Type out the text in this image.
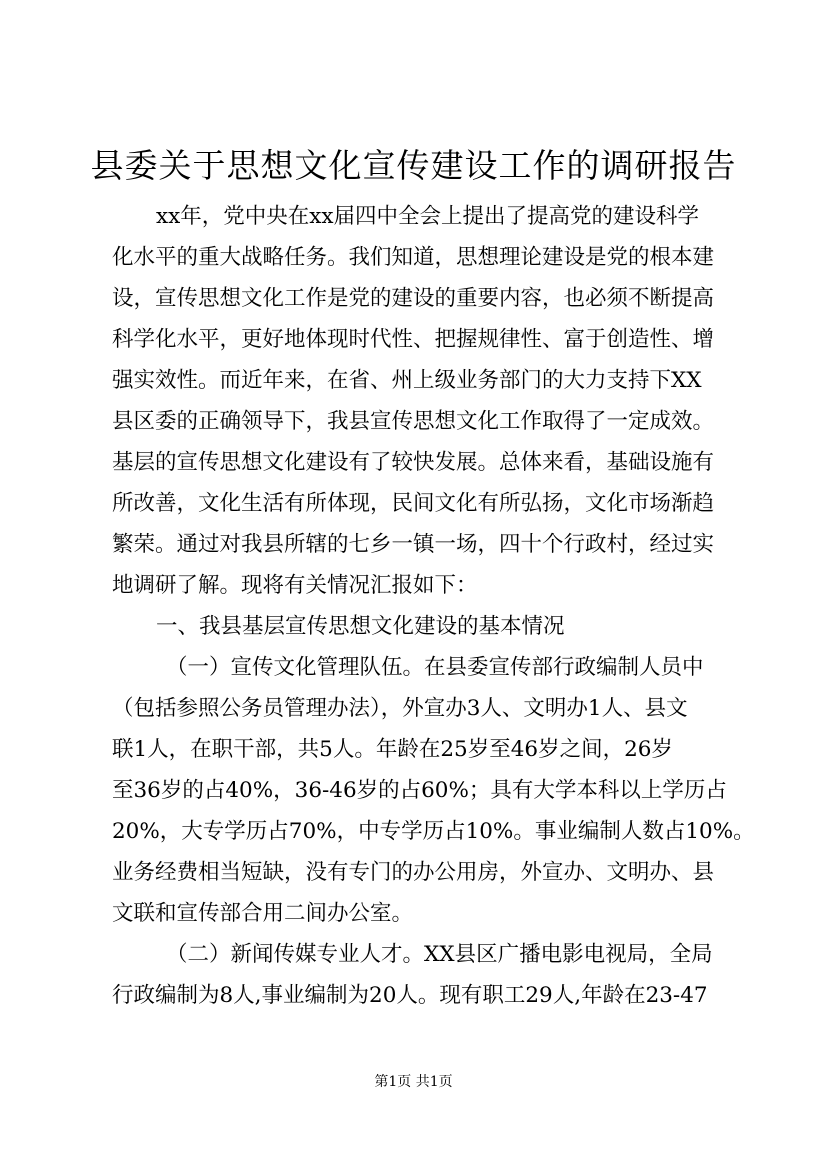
县委关于思想文化宣传建设工作的调研报告
xx年，党中央在xx届四中全会上提出了提高党的建设科学
化水平的重大战略任务。我们知道，思想理论建设是党的根本建
设，宣传思想文化工作是党的建设的重要内容，也必须不断提高
科学化水平，更好地体现时代性、把握规律性、富于创造性、增
强实效性。而近年来，在省、州上级业务部门的大力支持下XX
县区委的正确领导下，我县宣传思想文化工作取得了一定成效。
基层的宣传思想文化建设有了较快发展。总体来看，基础设施有
所改善，文化生活有所体现，民间文化有所弘扬，文化市场渐趋
繁荣。通过对我县所辖的七乡一镇一场，四十个行政村，经过实
地调研了解。现将有关情况汇报如下：
一、我县基层宣传思想文化建设的基本情况
（一）宣传文化管理队伍。在县委宣传部行政编制人员中
（包括参照公务员管理办法），外宣办3人、文明办1人、县文
联1人，在职干部，共5人。年龄在25岁至46岁之间，26岁
至36岁的占40%，36-46岁的占60%；具有大学本科以上学历占
20%，大专学历占70%，中专学历占10%。事业编制人数占10%。
业务经费相当短缺，没有专门的办公用房，外宣办、文明办、县
文联和宣传部合用二间办公室。
（二）新闻传媒专业人才。XX县区广播电影电视局，全局
行政编制为8人,事业编制为20人。现有职工29人,年龄在23-47
第1页 共1页
